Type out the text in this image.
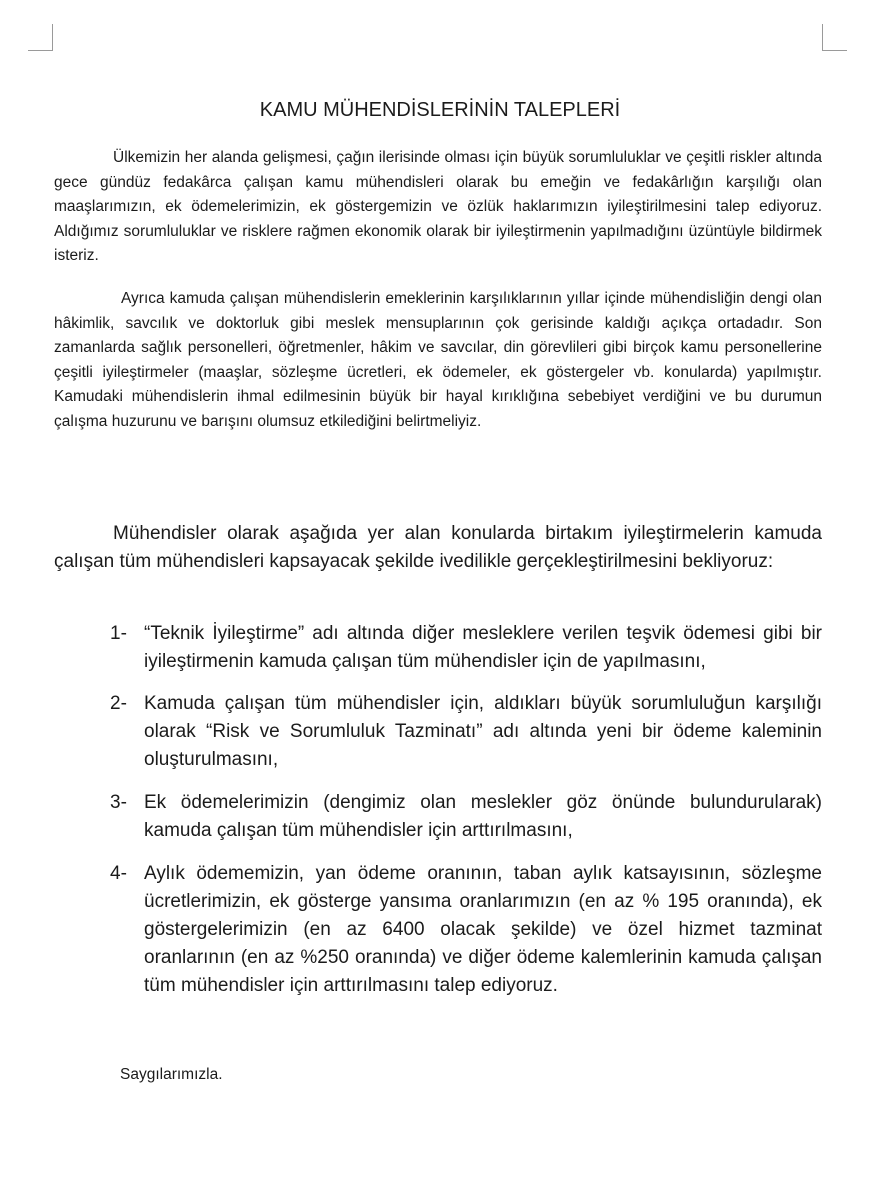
KAMU MÜHENDİSLERİNİN TALEPLERİ

Ülkemizin her alanda gelişmesi, çağın ilerisinde olması için büyük sorumluluklar ve çeşitli riskler altında gece gündüz fedakârca çalışan kamu mühendisleri olarak bu emeğin ve fedakârlığın karşılığı olan maaşlarımızın, ek ödemelerimizin, ek göstergemizin ve özlük haklarımızın iyileştirilmesini talep ediyoruz. Aldığımız sorumluluklar ve risklere rağmen ekonomik olarak bir iyileştirmenin yapılmadığını üzüntüyle bildirmek isteriz.

Ayrıca kamuda çalışan mühendislerin emeklerinin karşılıklarının yıllar içinde mühendisliğin dengi olan hâkimlik, savcılık ve doktorluk gibi meslek mensuplarının çok gerisinde kaldığı açıkça ortadadır. Son zamanlarda sağlık personelleri, öğretmenler, hâkim ve savcılar, din görevlileri gibi birçok kamu personellerine çeşitli iyileştirmeler (maaşlar, sözleşme ücretleri, ek ödemeler, ek göstergeler vb. konularda) yapılmıştır. Kamudaki mühendislerin ihmal edilmesinin büyük bir hayal kırıklığına sebebiyet verdiğini ve bu durumun çalışma huzurunu ve barışını olumsuz etkilediğini belirtmeliyiz.

Mühendisler olarak aşağıda yer alan konularda birtakım iyileştirmelerin kamuda çalışan tüm mühendisleri kapsayacak şekilde ivedilikle gerçekleştirilmesini bekliyoruz:

1- “Teknik İyileştirme” adı altında diğer mesleklere verilen teşvik ödemesi gibi bir iyileştirmenin kamuda çalışan tüm mühendisler için de yapılmasını,
2- Kamuda çalışan tüm mühendisler için, aldıkları büyük sorumluluğun karşılığı olarak “Risk ve Sorumluluk Tazminatı” adı altında yeni bir ödeme kaleminin oluşturulmasını,
3- Ek ödemelerimizin (dengimiz olan meslekler göz önünde bulundurularak) kamuda çalışan tüm mühendisler için arttırılmasını,
4- Aylık ödememizin, yan ödeme oranının, taban aylık katsayısının, sözleşme ücretlerimizin, ek gösterge yansıma oranlarımızın (en az % 195 oranında), ek göstergelerimizin (en az 6400 olacak şekilde) ve özel hizmet tazminat oranlarının (en az %250 oranında) ve diğer ödeme kalemlerinin kamuda çalışan tüm mühendisler için arttırılmasını talep ediyoruz.
Saygılarımızla.
